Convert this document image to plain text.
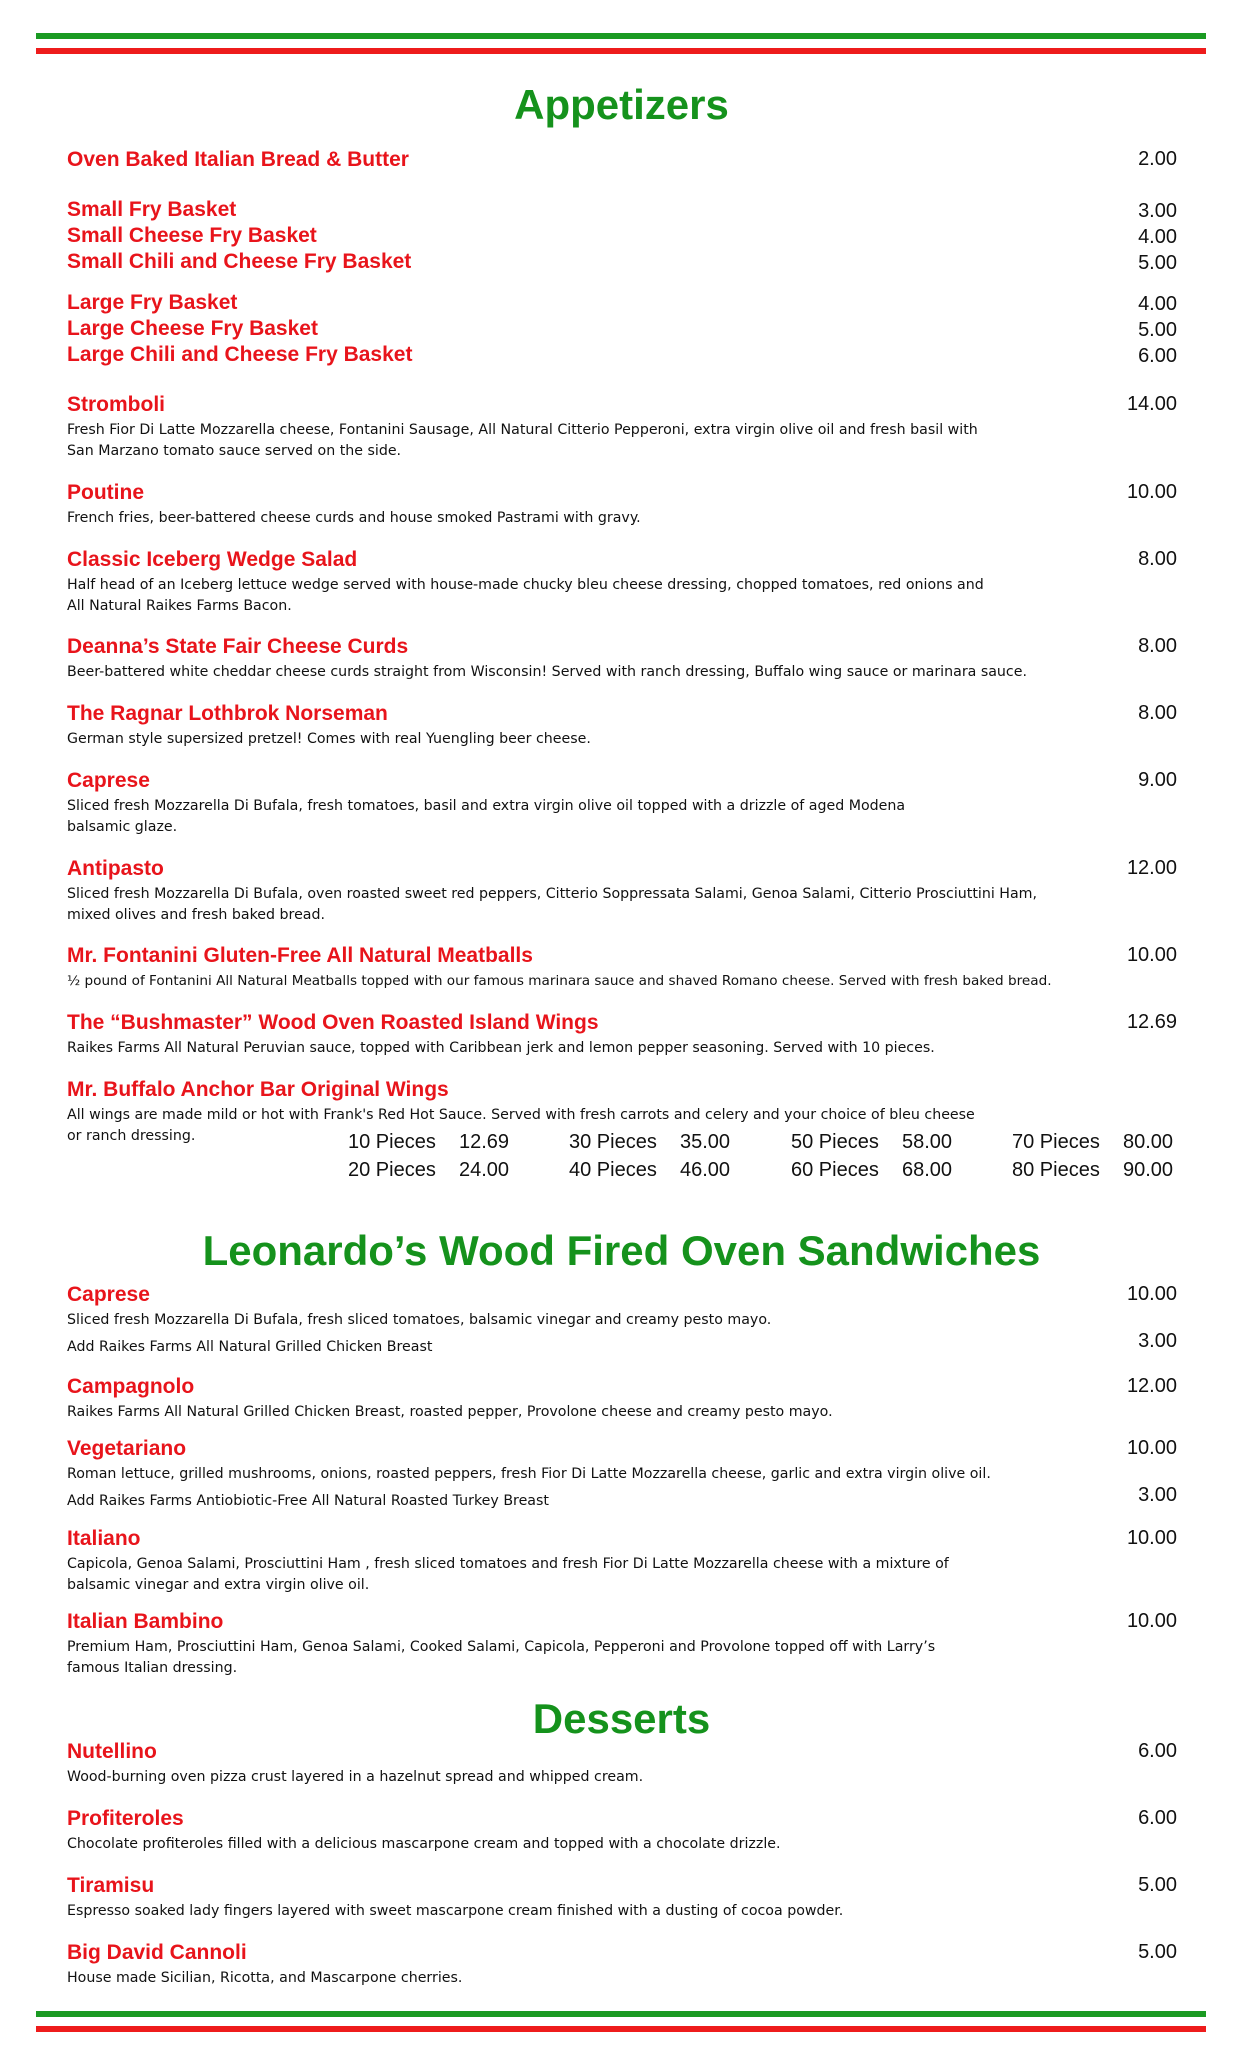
Appetizers
Oven Baked Italian Bread & Butter	2.00
Small Fry Basket	3.00
Small Cheese Fry Basket	4.00
Small Chili and Cheese Fry Basket	5.00
Large Fry Basket	4.00
Large Cheese Fry Basket	5.00
Large Chili and Cheese Fry Basket	6.00
Stromboli	14.00
Fresh Fior Di Latte Mozzarella cheese, Fontanini Sausage, All Natural Citterio Pepperoni, extra virgin olive oil and fresh basil with
San Marzano tomato sauce served on the side.
Poutine	10.00
French fries, beer-battered cheese curds and house smoked Pastrami with gravy.
Classic Iceberg Wedge Salad	8.00
Half head of an Iceberg lettuce wedge served with house-made chucky bleu cheese dressing, chopped tomatoes, red onions and
All Natural Raikes Farms Bacon.
Deanna’s State Fair Cheese Curds	8.00
Beer-battered white cheddar cheese curds straight from Wisconsin! Served with ranch dressing, Buffalo wing sauce or marinara sauce.
The Ragnar Lothbrok Norseman	8.00
German style supersized pretzel! Comes with real Yuengling beer cheese.
Caprese	9.00
Sliced fresh Mozzarella Di Bufala, fresh tomatoes, basil and extra virgin olive oil topped with a drizzle of aged Modena
balsamic glaze.
Antipasto	12.00
Sliced fresh Mozzarella Di Bufala, oven roasted sweet red peppers, Citterio Soppressata Salami, Genoa Salami, Citterio Prosciuttini Ham,
mixed olives and fresh baked bread.
Mr. Fontanini Gluten-Free All Natural Meatballs	10.00
½ pound of Fontanini All Natural Meatballs topped with our famous marinara sauce and shaved Romano cheese. Served with fresh baked bread.
The “Bushmaster” Wood Oven Roasted Island Wings	12.69
Raikes Farms All Natural Peruvian sauce, topped with Caribbean jerk and lemon pepper seasoning. Served with 10 pieces.
Mr. Buffalo Anchor Bar Original Wings
All wings are made mild or hot with Frank's Red Hot Sauce. Served with fresh carrots and celery and your choice of bleu cheese
or ranch dressing.	10 Pieces 12.69	30 Pieces 35.00	50 Pieces 58.00	70 Pieces 80.00
20 Pieces 24.00	40 Pieces 46.00	60 Pieces 68.00	80 Pieces 90.00
Leonardo’s Wood Fired Oven Sandwiches
Caprese	10.00
Sliced fresh Mozzarella Di Bufala, fresh sliced tomatoes, balsamic vinegar and creamy pesto mayo.
Add Raikes Farms All Natural Grilled Chicken Breast	3.00
Campagnolo	12.00
Raikes Farms All Natural Grilled Chicken Breast, roasted pepper, Provolone cheese and creamy pesto mayo.
Vegetariano	10.00
Roman lettuce, grilled mushrooms, onions, roasted peppers, fresh Fior Di Latte Mozzarella cheese, garlic and extra virgin olive oil.
Add Raikes Farms Antiobiotic-Free All Natural Roasted Turkey Breast	3.00
Italiano	10.00
Capicola, Genoa Salami, Prosciuttini Ham , fresh sliced tomatoes and fresh Fior Di Latte Mozzarella cheese with a mixture of
balsamic vinegar and extra virgin olive oil.
Italian Bambino	10.00
Premium Ham, Prosciuttini Ham, Genoa Salami, Cooked Salami, Capicola, Pepperoni and Provolone topped off with Larry’s
famous Italian dressing.
Desserts
Nutellino	6.00
Wood-burning oven pizza crust layered in a hazelnut spread and whipped cream.
Profiteroles	6.00
Chocolate profiteroles filled with a delicious mascarpone cream and topped with a chocolate drizzle.
Tiramisu	5.00
Espresso soaked lady fingers layered with sweet mascarpone cream finished with a dusting of cocoa powder.
Big David Cannoli	5.00
House made Sicilian, Ricotta, and Mascarpone cherries.
